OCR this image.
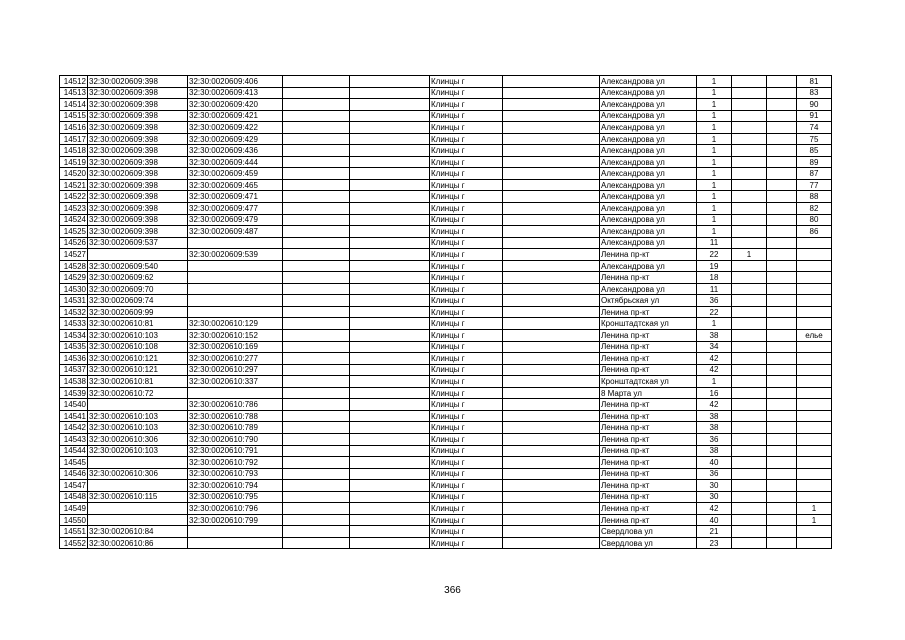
14512	32:30:0020609:398	32:30:0020609:406			Клинцы г		Александрова ул	1			81
14513	32:30:0020609:398	32:30:0020609:413			Клинцы г		Александрова ул	1			83
14514	32:30:0020609:398	32:30:0020609:420			Клинцы г		Александрова ул	1			90
14515	32:30:0020609:398	32:30:0020609:421			Клинцы г		Александрова ул	1			91
14516	32:30:0020609:398	32:30:0020609:422			Клинцы г		Александрова ул	1			74
14517	32:30:0020609:398	32:30:0020609:429			Клинцы г		Александрова ул	1			75
14518	32:30:0020609:398	32:30:0020609:436			Клинцы г		Александрова ул	1			85
14519	32:30:0020609:398	32:30:0020609:444			Клинцы г		Александрова ул	1			89
14520	32:30:0020609:398	32:30:0020609:459			Клинцы г		Александрова ул	1			87
14521	32:30:0020609:398	32:30:0020609:465			Клинцы г		Александрова ул	1			77
14522	32:30:0020609:398	32:30:0020609:471			Клинцы г		Александрова ул	1			88
14523	32:30:0020609:398	32:30:0020609:477			Клинцы г		Александрова ул	1			82
14524	32:30:0020609:398	32:30:0020609:479			Клинцы г		Александрова ул	1			80
14525	32:30:0020609:398	32:30:0020609:487			Клинцы г		Александрова ул	1			86
14526	32:30:0020609:537				Клинцы г		Александрова ул	11			
14527		32:30:0020609:539			Клинцы г		Ленина пр-кт	22	1		
14528	32:30:0020609:540				Клинцы г		Александрова ул	19			
14529	32:30:0020609:62				Клинцы г		Ленина пр-кт	18			
14530	32:30:0020609:70				Клинцы г		Александрова ул	11			
14531	32:30:0020609:74				Клинцы г		Октябрьская ул	36			
14532	32:30:0020609:99				Клинцы г		Ленина пр-кт	22			
14533	32:30:0020610:81	32:30:0020610:129			Клинцы г		Кронштадтская ул	1			
14534	32:30:0020610:103	32:30:0020610:152			Клинцы г		Ленина пр-кт	38			елье
14535	32:30:0020610:108	32:30:0020610:169			Клинцы г		Ленина пр-кт	34			
14536	32:30:0020610:121	32:30:0020610:277			Клинцы г		Ленина пр-кт	42			
14537	32:30:0020610:121	32:30:0020610:297			Клинцы г		Ленина пр-кт	42			
14538	32:30:0020610:81	32:30:0020610:337			Клинцы г		Кронштадтская ул	1			
14539	32:30:0020610:72				Клинцы г		8 Марта ул	16			
14540		32:30:0020610:786			Клинцы г		Ленина пр-кт	42			
14541	32:30:0020610:103	32:30:0020610:788			Клинцы г		Ленина пр-кт	38			
14542	32:30:0020610:103	32:30:0020610:789			Клинцы г		Ленина пр-кт	38			
14543	32:30:0020610:306	32:30:0020610:790			Клинцы г		Ленина пр-кт	36			
14544	32:30:0020610:103	32:30:0020610:791			Клинцы г		Ленина пр-кт	38			
14545		32:30:0020610:792			Клинцы г		Ленина пр-кт	40			
14546	32:30:0020610:306	32:30:0020610:793			Клинцы г		Ленина пр-кт	36			
14547		32:30:0020610:794			Клинцы г		Ленина пр-кт	30			
14548	32:30:0020610:115	32:30:0020610:795			Клинцы г		Ленина пр-кт	30			
14549		32:30:0020610:796			Клинцы г		Ленина пр-кт	42			1
14550		32:30:0020610:799			Клинцы г		Ленина пр-кт	40			1
14551	32:30:0020610:84				Клинцы г		Свердлова ул	21			
14552	32:30:0020610:86				Клинцы г		Свердлова ул	23			
366
